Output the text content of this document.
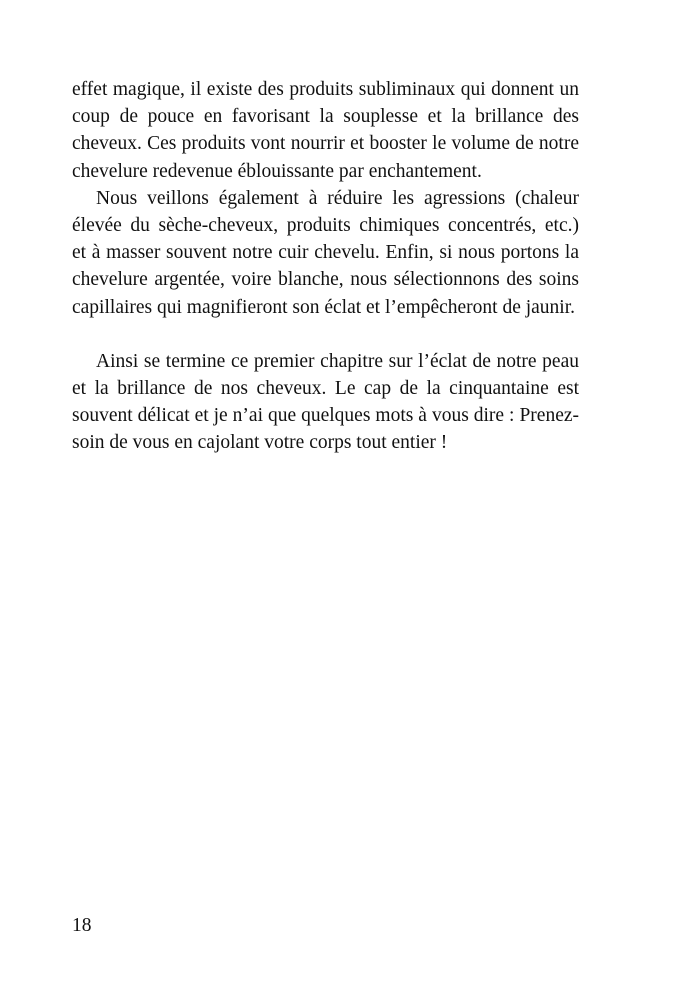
effet magique, il existe des produits subliminaux qui donnent un
coup de pouce en favorisant la souplesse et la brillance des
cheveux. Ces produits vont nourrir et booster le volume de notre
chevelure redevenue éblouissante par enchantement.

Nous veillons également à réduire les agressions (chaleur
élevée du sèche-cheveux, produits chimiques concentrés, etc.)
et à masser souvent notre cuir chevelu. Enfin, si nous portons la
chevelure argentée, voire blanche, nous sélectionnons des soins
capillaires qui magnifieront son éclat et l’empêcheront de jaunir.

Ainsi se termine ce premier chapitre sur l’éclat de notre peau
et la brillance de nos cheveux. Le cap de la cinquantaine est
souvent délicat et je n’ai que quelques mots à vous dire : Prenez-
soin de vous en cajolant votre corps tout entier !

18
